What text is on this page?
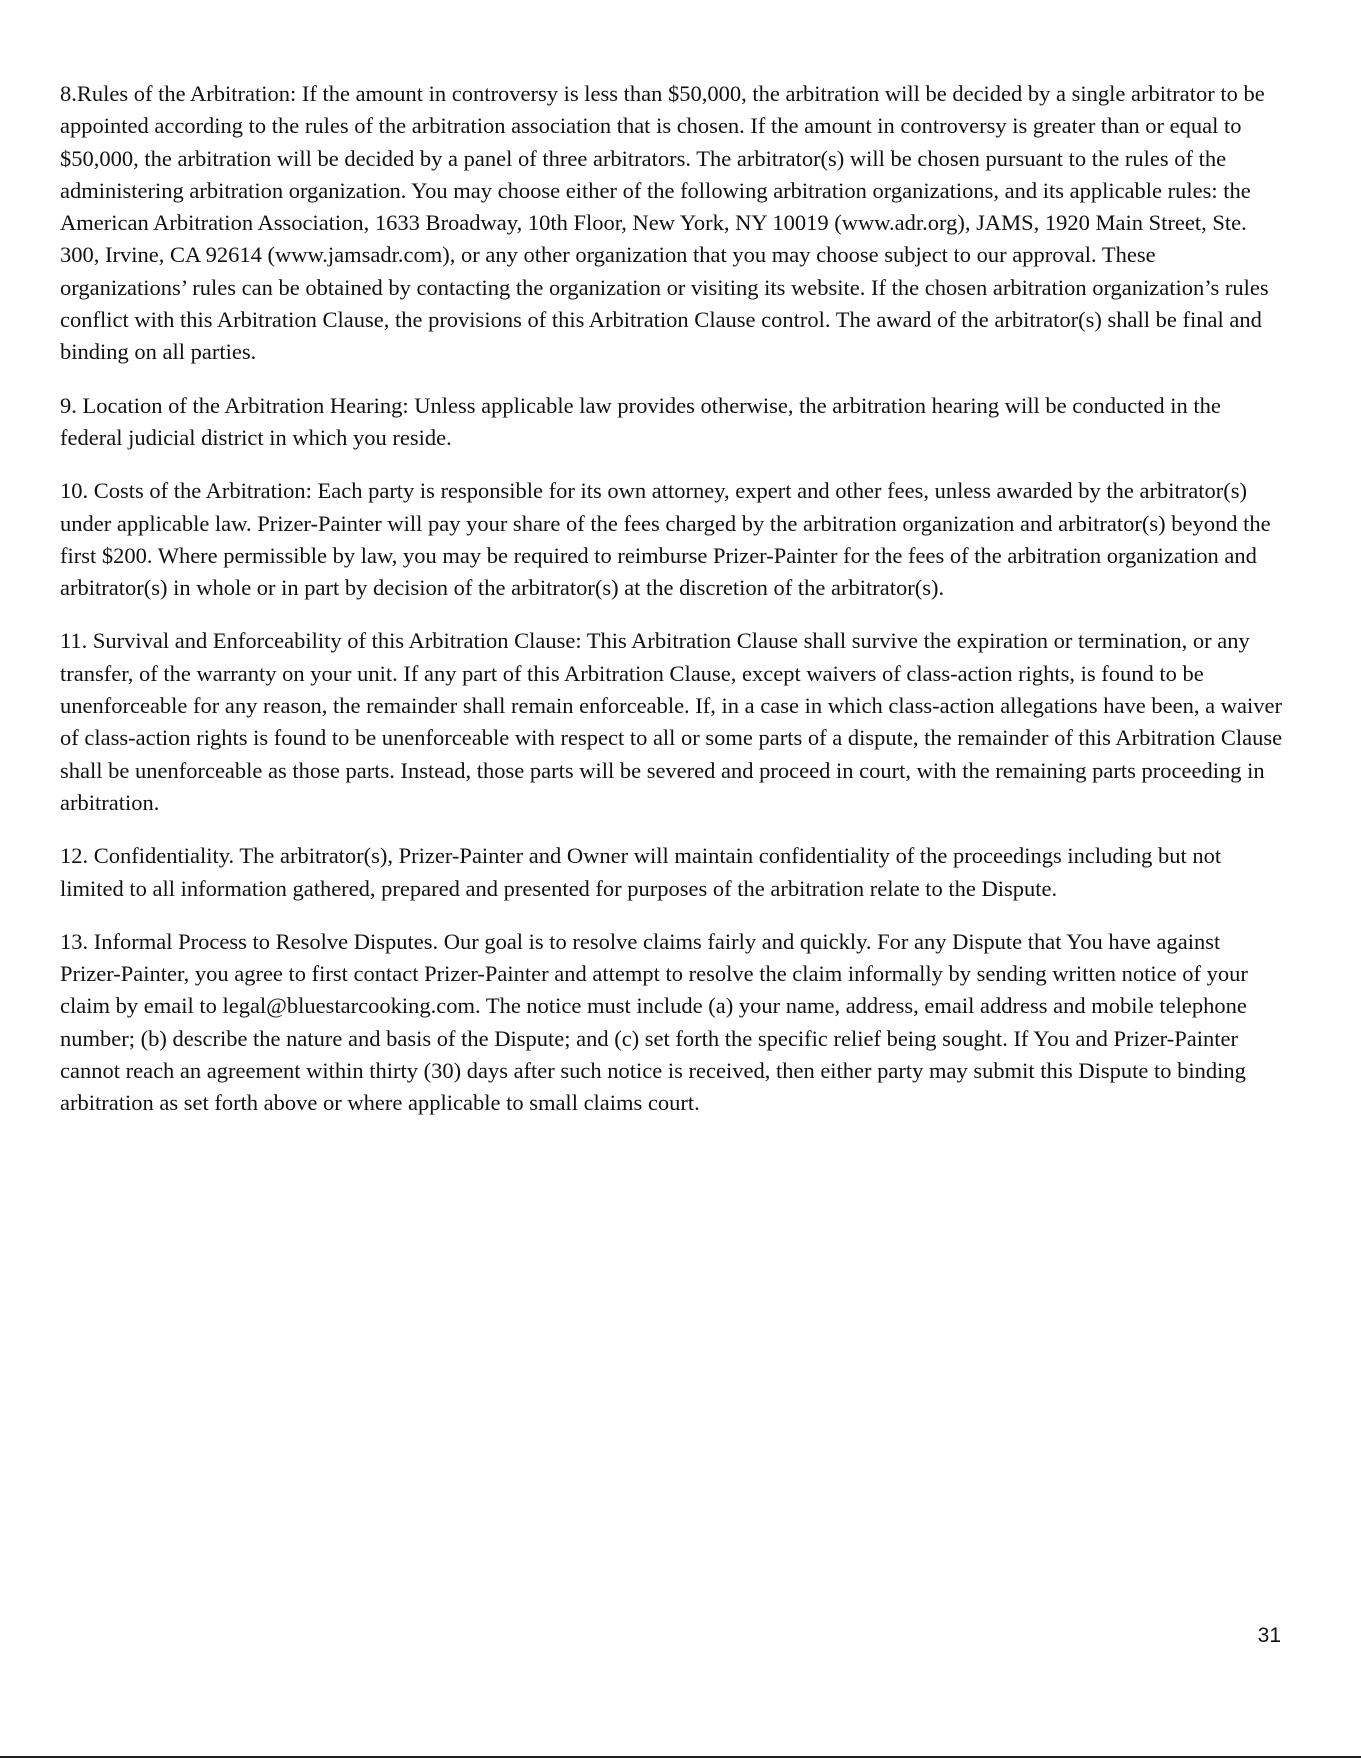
8.Rules of the Arbitration: If the amount in controversy is less than $50,000, the arbitration will be decided by a single arbitrator to be appointed according to the rules of the arbitration association that is chosen. If the amount in controversy is greater than or equal to $50,000, the arbitration will be decided by a panel of three arbitrators. The arbitrator(s) will be chosen pursuant to the rules of the administering arbitration organization. You may choose either of the following arbitration organizations, and its applicable rules: the American Arbitration Association, 1633 Broadway, 10th Floor, New York, NY 10019 (www.adr.org), JAMS, 1920 Main Street, Ste. 300, Irvine, CA 92614 (www.jamsadr.com), or any other organization that you may choose subject to our approval. These organizations’ rules can be obtained by contacting the organization or visiting its website. If the chosen arbitration organization’s rules conflict with this Arbitration Clause, the provisions of this Arbitration Clause control. The award of the arbitrator(s) shall be final and binding on all parties.

9. Location of the Arbitration Hearing: Unless applicable law provides otherwise, the arbitration hearing will be conducted in the federal judicial district in which you reside.

10. Costs of the Arbitration: Each party is responsible for its own attorney, expert and other fees, unless awarded by the arbitrator(s) under applicable law. Prizer-Painter will pay your share of the fees charged by the arbitration organization and arbitrator(s) beyond the first $200. Where permissible by law, you may be required to reimburse Prizer-Painter for the fees of the arbitration organization and arbitrator(s) in whole or in part by decision of the arbitrator(s) at the discretion of the arbitrator(s).

11. Survival and Enforceability of this Arbitration Clause: This Arbitration Clause shall survive the expiration or termination, or any transfer, of the warranty on your unit. If any part of this Arbitration Clause, except waivers of class-action rights, is found to be unenforceable for any reason, the remainder shall remain enforceable. If, in a case in which class-action allegations have been, a waiver of class-action rights is found to be unenforceable with respect to all or some parts of a dispute, the remainder of this Arbitration Clause shall be unenforceable as those parts. Instead, those parts will be severed and proceed in court, with the remaining parts proceeding in arbitration.

12. Confidentiality. The arbitrator(s), Prizer-Painter and Owner will maintain confidentiality of the proceedings including but not limited to all information gathered, prepared and presented for purposes of the arbitration relate to the Dispute.

13. Informal Process to Resolve Disputes. Our goal is to resolve claims fairly and quickly. For any Dispute that You have against Prizer-Painter, you agree to first contact Prizer-Painter and attempt to resolve the claim informally by sending written notice of your claim by email to legal@bluestarcooking.com. The notice must include (a) your name, address, email address and mobile telephone number; (b) describe the nature and basis of the Dispute; and (c) set forth the specific relief being sought. If You and Prizer-Painter cannot reach an agreement within thirty (30) days after such notice is received, then either party may submit this Dispute to binding arbitration as set forth above or where applicable to small claims court.

31
